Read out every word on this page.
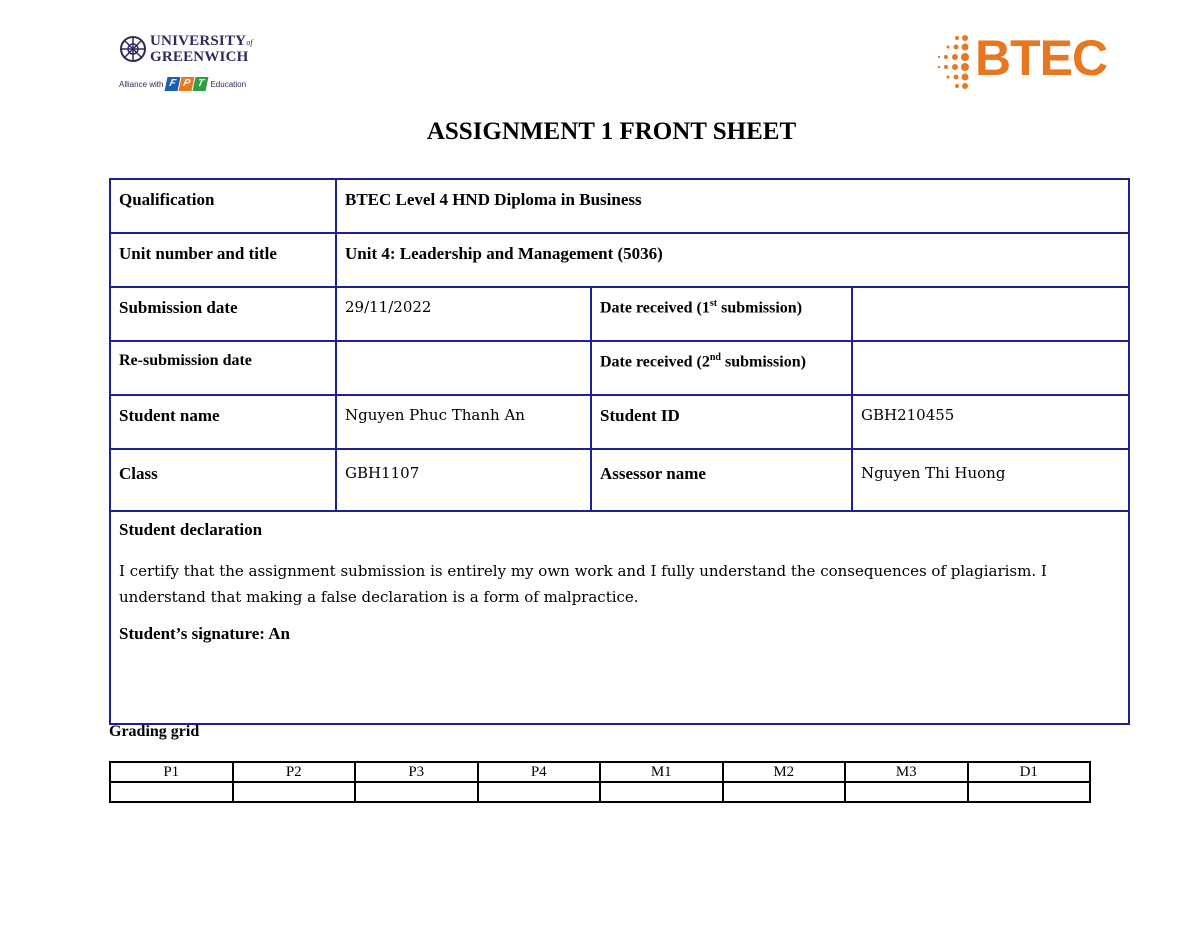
UNIVERSITYof
GREENWICH
Alliance with F P T Education	BTEC
ASSIGNMENT 1 FRONT SHEET
Qualification	BTEC Level 4 HND Diploma in Business		
Unit number and title	Unit 4: Leadership and Management (5036)		
Submission date	29/11/2022	Date received (1st submission)	
Re-submission date		Date received (2nd submission)	
Student name	Nguyen Phuc Thanh An	Student ID	GBH210455
Class	GBH1107	Assessor name	Nguyen Thi Huong

Student declaration
I certify that the assignment submission is entirely my own work and I fully understand the consequences of plagiarism. I understand that making a false declaration is a form of malpractice.
Student’s signature: An			
Grading grid
P1	P2	P3	P4	M1	M2	M3	D1
